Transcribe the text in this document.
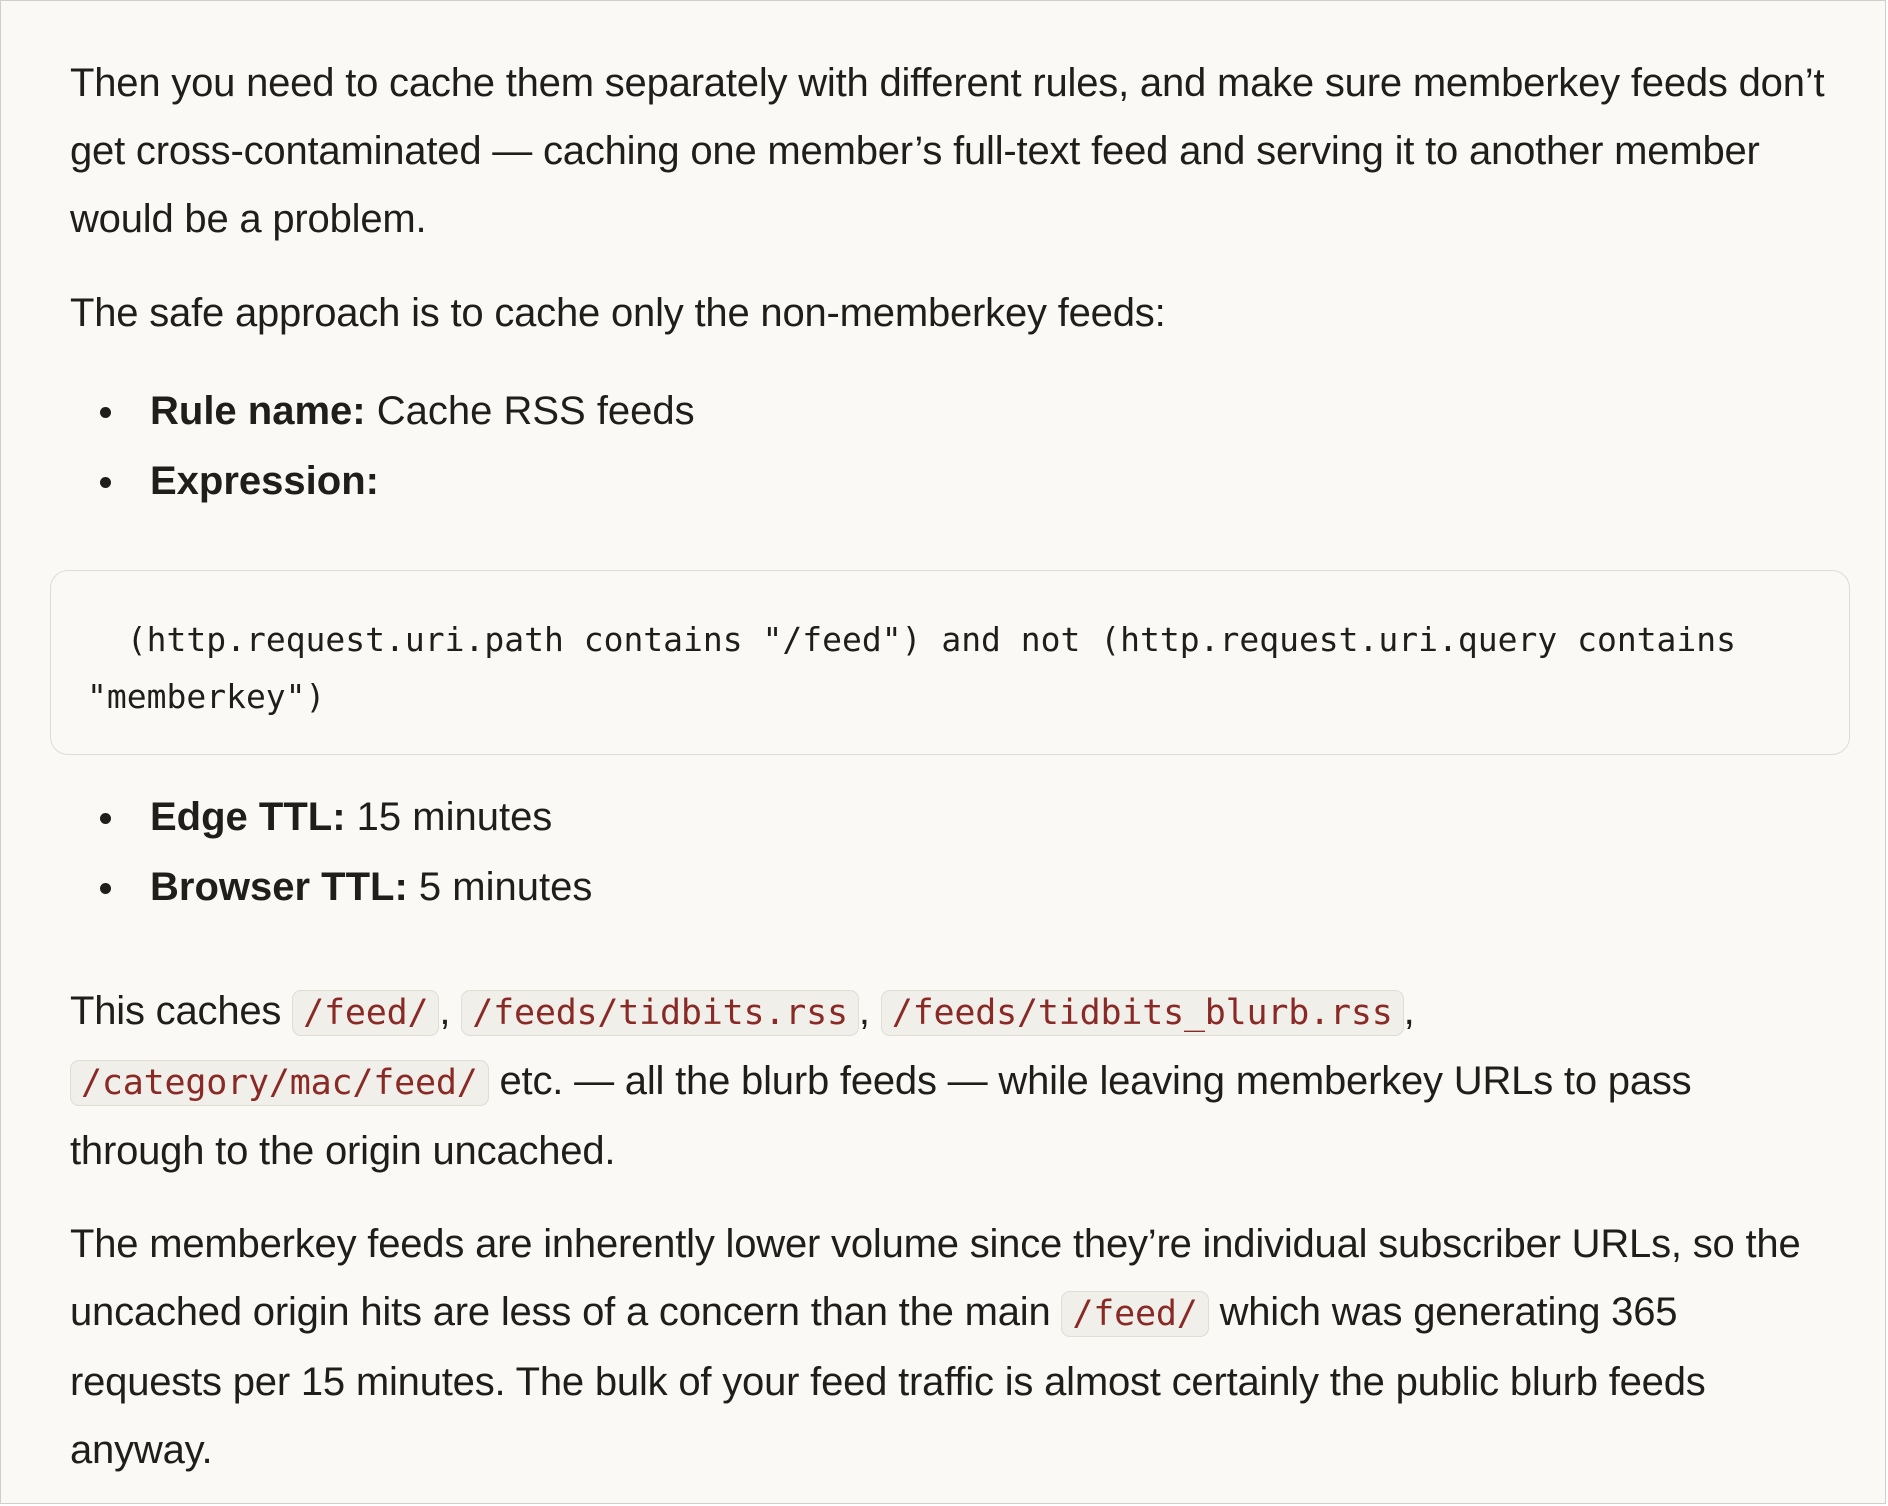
Then you need to cache them separately with different rules, and make sure memberkey feeds don’t get cross-contaminated — caching one member’s full-text feed and serving it to another member would be a problem.

The safe approach is to cache only the non-memberkey feeds:

Rule name: Cache RSS feeds
Expression:
(http.request.uri.path contains "/feed") and not (http.request.uri.query contains "memberkey")
Edge TTL: 15 minutes
Browser TTL: 5 minutes

This caches /feed/ , /feeds/tidbits.rss , /feeds/tidbits_blurb.rss , /category/mac/feed/ etc. — all the blurb feeds — while leaving memberkey URLs to pass through to the origin uncached.

The memberkey feeds are inherently lower volume since they’re individual subscriber URLs, so the uncached origin hits are less of a concern than the main /feed/ which was generating 365 requests per 15 minutes. The bulk of your feed traffic is almost certainly the public blurb feeds anyway.
